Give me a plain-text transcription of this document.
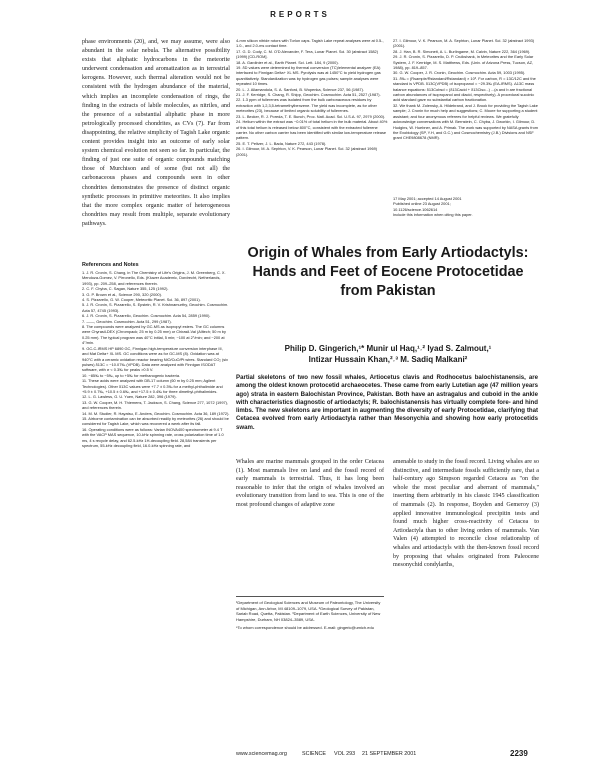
REPORTS

phase environments (20), and, we may assume, were also abundant in the solar nebula. The alternative possibility exists that aliphatic hydrocarbons in the meteorite underwent condensation and aromatization as in terrestrial kerogens. However, such thermal alteration would not be consistent with the hydrogen abundance of the material, which implies an incomplete condensation of rings, the finding in the extracts of labile molecules, as nitriles, and the presence of a substantial aliphatic phase in more petrologically processed chondrites, as CVs (7). Far from disappointing, the relative simplicity of Tagish Lake organic content provides insight into an outcome of early solar system chemical evolution not seen so far. In particular, the finding of just one suite of organic compounds matching those of Murchison and of some (but not all) the carbonaceous phases and compounds seen in other chondrites demonstrates the presence of distinct organic synthetic processes in primitive meteorites. It also implies that the more complex organic matter of heterogeneous chondrites may result from multiple, separate evolutionary pathways.

References and Notes
1. J. R. Cronin, S. Chang, in The Chemistry of Life's Origins, J. M. Greenberg, C. X. Mendoza-Gomez, V. Pirronello, Eds. (Kluwer Academic, Dordrecht, Netherlands, 1993), pp. 209–258, and references therein.
2. C. F. Chyba, C. Sagan, Nature 355, 125 (1992).
3. G. P. Brown et al., Science 290, 320 (2000).
4. S. Pizzarello, G. W. Cooper, Meteoritic Planet. Sci. 36, 897 (2001).
5. J. R. Cronin, S. Pizzarello, S. Epstein, R. V. Krishnamurthy, Geochim. Cosmochim. Acta 57, 4745 (1993).
6. J. R. Cronin, S. Pizzarello, Geochim. Cosmochim. Acta 54, 2859 (1990).
7. ——, Geochim. Cosmochim. Acta 51, 299 (1987).
8. The compounds were analyzed by GC-MS as isopropyl esters. The GC columns were Chyrasil-DEX (Chrompack; 25 m by 0.25 mm) or Chirasil-Val (Alltech; 50 m by 0.25 mm). The typical program was 40°C initial, 5 min; ~100 at 2°/min; and ~200 at 4°/min.
9. GC-C-IRMS HP 6890 GC, Finnigan high-temperature conversion interphase III, and Mat Delta+ XL MS. GC conditions were as for GC-MS (8). Oxidation was at 940°C with a ceramic oxidation reactor bearing NiO/CuO/Pt wires. Standard CO₂ (six pulses) δ13C = −10.07‰ (VPDB). Data were analyzed with Finnigan ISODAT software, with σ < 0.3‰ for peaks >0.5 V.
10. −85‰ to −5‰, up to +5‰ for methanogenic bacteria.
11. These acids were analyzed with DB-17 column (60 m by 0.25 mm; Agilent Technologies). Other δ13C values were +7.7 ± 0.3‰ for a methyl-phthalimide and +5.9 ± 0.7‰, +10.5 ± 0.6‰, and +17.5 ± 0.4‰ for three dimethyl-phthalimides.
12. L. G. Lawless, G. U. Yuen, Nature 282, 396 (1979).
13. G. W. Cooper, M. H. Thiemens, T. Jackson, S. Chang, Science 277, 1072 (1997), and references therein.
14. M. M. Studier, R. Hayatsu, E. Anders, Geochim. Cosmochim. Acta 36, 189 (1972).
15. Airborne contamination can be absorbed readily by meteorites (26) and should be considered for Tagish Lake, which was recovered a week after its fall.
16. Operating conditions were as follows: Varian INOVA400 spectrometer at 9.4 T with the VACP MAS sequence, 10-kHz spinning rate, cross polarization time of 1.0 ms, 4 s recycle delay, and 62.5-kHz 1H-decoupling field. 28,584 transients per spectrum, 55-kHz decoupling field, 16.0-kHz spinning rate, and
4-mm silicon nitride rotors with Torlon caps. Tagish Lake repeat analyses were at 0.5-, 1.0-, and 2.0-ms contact time.
17. G. D. Cody, C. M. O'D Alexander, F. Tera, Lunar Planet. Sci. 30 (abstract 1582) (1999) [CD-ROM].
18. A. Gardinier et al., Earth Planet. Sci. Lett. 184, 9 (2000).
19. δD values were determined by thermal conversion (TC)/elemental analyzer (EA) interfaced to Finnigan Delta+ XL MS. Pyrolysis was at 1450°C to yield hydrogen gas quantitatively. Standardization was by hydrogen gas pulses; sample analyses were repeated 10 times.
20. L. J. Allamandola, S. A. Sanford, B. Wopenka, Science 237, 56 (1987).
21. J. F. Kerridge, S. Chang, R. Shipp, Geochim. Cosmochim. Acta 51, 2527 (1987).
22. 1.3 ppm of fullerenes was isolated from the bulk carbonaceous residues by extraction with 1,2,3,5-tetramethylbenzene. The yield was incomplete, as for other meteorites (23), because of limited organic solubility of fullerenes.
23. L. Becker, R. J. Poreda, T. E. Bunch, Proc. Natl. Acad. Sci. U.S.A. 97, 2979 (2000).
24. Helium within the extract was ~0.01% of total helium in the bulk material. About 40% of this total helium is released below 800°C, consistent with the extracted fullerene carrier. No other carbon carrier has been identified with similar low-temperature release pattern.
25. E. T. Peltzer, J. L. Bada, Nature 272, 443 (1978).
26. I. Gilmour, M. A. Sephton, V. K. Pearson, Lunar Planet. Sci. 32 (abstract 1969) (2001).
27. I. Gilmour, V. K. Pearson, M. A. Sephton, Lunar Planet. Sci. 32 (abstract 1993) (2001).
28. J. Han, B. R. Simoneit, A. L. Burlingame, M. Calvin, Nature 222, 364 (1969).
29. J. R. Cronin, S. Pizzarello, D. P. Cruikshank, in Meteorites and the Early Solar System, J. F. Kerridge, M. S. Matthews, Eds. (Univ. of Arizona Press, Tucson, AZ, 1988), pp. 819–857.
30. G. W. Cooper, J. R. Cronin, Geochim. Cosmochim. Acta 59, 1003 (1995).
31. δ‰ = (Rsample/Rstandard/Rstandard) × 10³. For carbon, R = 13C/12C and the standard is VPDB. δ13C(VPDB) of isopropanol = −29.3‰ (EA-IRMS). Δ13C mass balance equations: δ13Cobsd = (δ13Cacid + δ13Ciso...) ...(a and b are fractional carbon abundances of isopropanol and diacid, respectively). A procedural succinic acid standard gave no substantial carbon fractionation.
32. We thank M. Zolensky, A. Hildebrand, and J. Brook for providing the Tagish Lake sample; J. Cronin for much help and suggestions; C. Moore for supporting a student assistant; and four anonymous referees for helpful reviews. We gratefully acknowledge conversations with M. Bernstein, C. Chyba, J. Dworkin, I. Gilmour, D. Hudgins, W. Huebner, and A. Primak. The work was supported by NASA grants from the Exobiology (SP, Y.H, and G.C.) and Cosmochemistry (J.B.) Divisions and NSF grant CHE9808678 (NMR).
17 May 2001; accepted 14 August 2001
Published online 23 August 2001;
10.1126/science.1062614
Include this information when citing this paper.
Origin of Whales from Early Artiodactyls: Hands and Feet of Eocene Protocetidae from Pakistan
Philip D. Gingerich,¹* Munir ul Haq,¹˒² Iyad S. Zalmout,¹
Intizar Hussain Khan,²˒³ M. Sadiq Malkani²
Partial skeletons of two new fossil whales, Artiocetus clavis and Rodhocetus balochistanensis, are among the oldest known protocetid archaeocetes. These came from early Lutetian age (47 million years ago) strata in eastern Balochistan Province, Pakistan. Both have an astragalus and cuboid in the ankle with characteristics diagnostic of artiodactyls; R. balochistanensis has virtually complete fore- and hind limbs. The new skeletons are important in augmenting the diversity of early Protocetidae, clarifying that Cetacea evolved from early Artiodactyla rather than Mesonychia and showing how early protocetids swam.
Whales are marine mammals grouped in the order Cetacea (1). Most mammals live on land and the fossil record of early mammals is terrestrial. Thus, it has long been reasonable to infer that the origin of whales involved an evolutionary transition from land to sea. This is one of the most profound changes of adaptive zone
¹Department of Geological Sciences and Museum of Paleontology, The University of Michigan, Ann Arbor, MI 48109–1079, USA. ²Geological Survey of Pakistan, Sariab Road, Quetta, Pakistan. ³Department of Earth Sciences, University of New Hampshire, Durham, NH 03824–3589, USA.
*To whom correspondence should be addressed. E-mail: gingeric@umich.edu
amenable to study in the fossil record. Living whales are so distinctive, and intermediate fossils sufficiently rare, that a half-century ago Simpson regarded Cetacea as "on the whole the most peculiar and aberrant of mammals," inserting them arbitrarily in his classic 1945 classification of mammals (2). In response, Boyden and Gemeroy (3) applied innovative immunological precipitin tests and found much higher cross-reactivity of Cetacea to Artiodactyla than to other living orders of mammals. Van Valen (4) attempted to reconcile close relationship of whales and artiodactyls with the then-known fossil record by proposing that whales originated from Paleocene mesonychid condylarths,
www.sciencemag.org	SCIENCE VOL 293 21 SEPTEMBER 2001	2239
